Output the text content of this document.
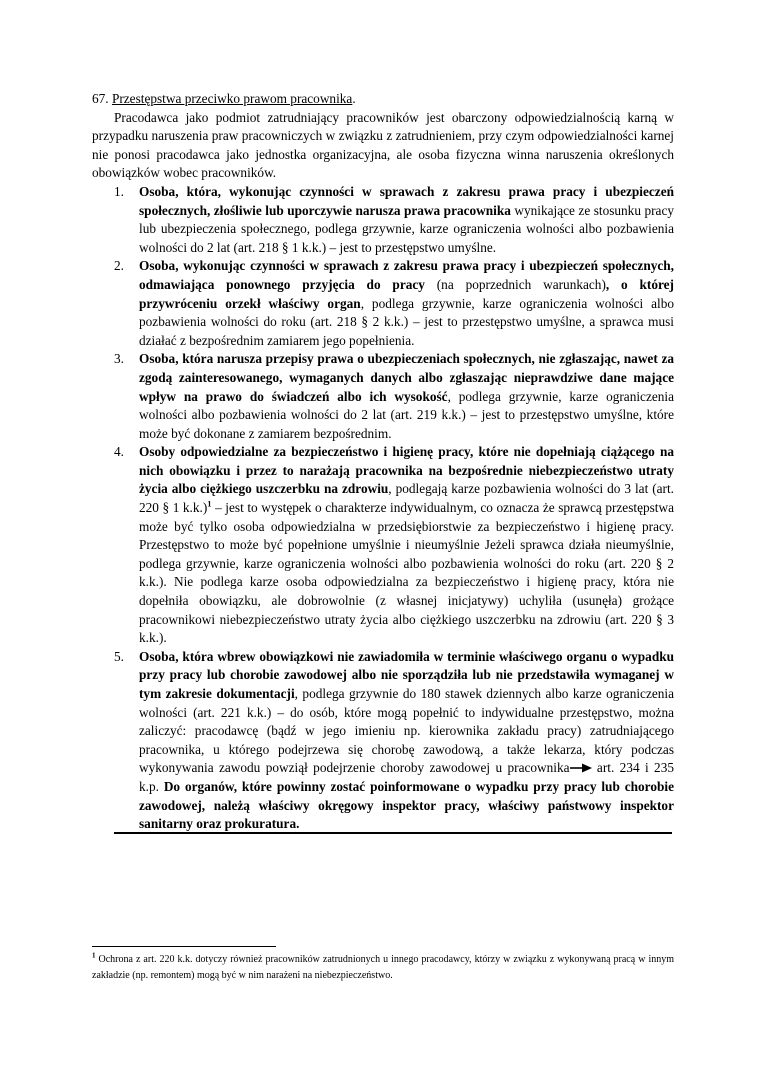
67. Przestępstwa przeciwko prawom pracownika.

Pracodawca jako podmiot zatrudniający pracowników jest obarczony odpowiedzialnością karną w przypadku naruszenia praw pracowniczych w związku z zatrudnieniem, przy czym odpowiedzialności karnej nie ponosi pracodawca jako jednostka organizacyjna, ale osoba fizyczna winna naruszenia określonych obowiązków wobec pracowników.

1. Osoba, która, wykonując czynności w sprawach z zakresu prawa pracy i ubezpieczeń społecznych, złośliwie lub uporczywie narusza prawa pracownika wynikające ze stosunku pracy lub ubezpieczenia społecznego, podlega grzywnie, karze ograniczenia wolności albo pozbawienia wolności do 2 lat (art. 218 § 1 k.k.) – jest to przestępstwo umyślne.
2. Osoba, wykonując czynności w sprawach z zakresu prawa pracy i ubezpieczeń społecznych, odmawiająca ponownego przyjęcia do pracy (na poprzednich warunkach), o której przywróceniu orzekł właściwy organ, podlega grzywnie, karze ograniczenia wolności albo pozbawienia wolności do roku (art. 218 § 2 k.k.) – jest to przestępstwo umyślne, a sprawca musi działać z bezpośrednim zamiarem jego popełnienia.
3. Osoba, która narusza przepisy prawa o ubezpieczeniach społecznych, nie zgłaszając, nawet za zgodą zainteresowanego, wymaganych danych albo zgłaszając nieprawdziwe dane mające wpływ na prawo do świadczeń albo ich wysokość, podlega grzywnie, karze ograniczenia wolności albo pozbawienia wolności do 2 lat (art. 219 k.k.) – jest to przestępstwo umyślne, które może być dokonane z zamiarem bezpośrednim.
4. Osoby odpowiedzialne za bezpieczeństwo i higienę pracy, które nie dopełniają ciążącego na nich obowiązku i przez to narażają pracownika na bezpośrednie niebezpieczeństwo utraty życia albo ciężkiego uszczerbku na zdrowiu, podlegają karze pozbawienia wolności do 3 lat (art. 220 § 1 k.k.)$^1$ – jest to występek o charakterze indywidualnym, co oznacza że sprawcą przestępstwa może być tylko osoba odpowiedzialna w przedsiębiorstwie za bezpieczeństwo i higienę pracy. Przestępstwo to może być popełnione umyślnie i nieumyślnie Jeżeli sprawca działa nieumyślnie, podlega grzywnie, karze ograniczenia wolności albo pozbawienia wolności do roku (art. 220 § 2 k.k.). Nie podlega karze osoba odpowiedzialna za bezpieczeństwo i higienę pracy, która nie dopełniła obowiązku, ale dobrowolnie (z własnej inicjatywy) uchyliła (usunęła) grożące pracownikowi niebezpieczeństwo utraty życia albo ciężkiego uszczerbku na zdrowiu (art. 220 § 3 k.k.).
5. Osoba, która wbrew obowiązkowi nie zawiadomiła w terminie właściwego organu o wypadku przy pracy lub chorobie zawodowej albo nie sporządziła lub nie przedstawiła wymaganej w tym zakresie dokumentacji, podlega grzywnie do 180 stawek dziennych albo karze ograniczenia wolności (art. 221 k.k.) – do osób, które mogą popełnić to indywidualne przestępstwo, można zaliczyć: pracodawcę (bądź w jego imieniu np. kierownika zakładu pracy) zatrudniającego pracownika, u którego podejrzewa się chorobę zawodową, a także lekarza, który podczas wykonywania zawodu powziął podejrzenie choroby zawodowej u pracownika art. 234 i 235 k.p. Do organów, które powinny zostać poinformowane o wypadku przy pracy lub chorobie zawodowej, należą właściwy okręgowy inspektor pracy, właściwy państwowy inspektor sanitarny oraz prokuratura.
$^1$ Ochrona z art. 220 k.k. dotyczy również pracowników zatrudnionych u innego pracodawcy, którzy w związku z wykonywaną pracą w innym zakładzie (np. remontem) mogą być w nim narażeni na niebezpieczeństwo.
